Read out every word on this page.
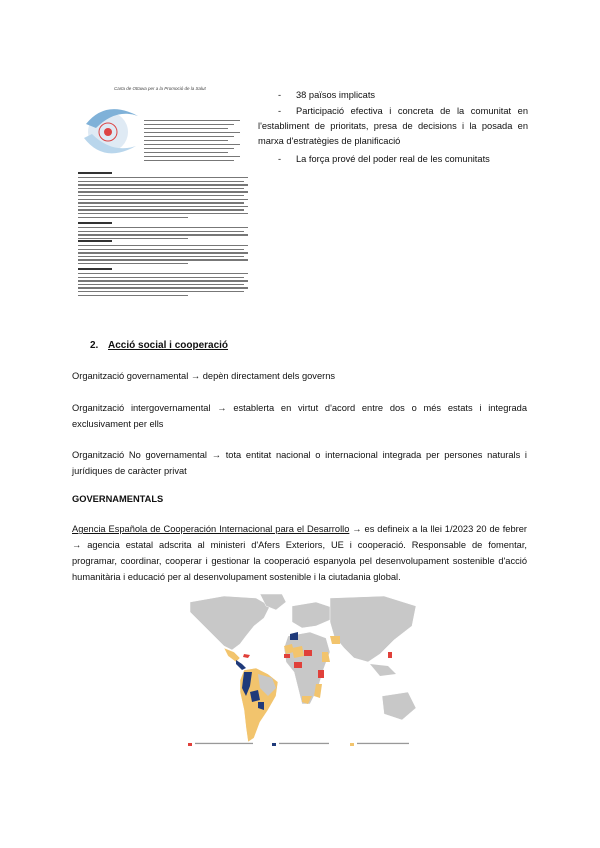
Carta de Ottawa per a la Promoció de la Salut
- 38 països implicats
-	Participació efectiva i concreta de la comunitat en l'establiment de prioritats, presa de decisions i la posada en marxa d'estratègies de planificació
- La força prové del poder real de les comunitats
2. Acció social i cooperació
Organització governamental → depèn directament dels governs
Organització intergovernamental → establerta en virtut d'acord entre dos o més estats i integrada exclusivament per ells
Organització No governamental → tota entitat nacional o internacional integrada per persones naturals i jurídiques de caràcter privat
GOVERNAMENTALS
Agencia Española de Cooperación Internacional para el Desarrollo → es defineix a la llei 1/2023 20 de febrer → agencia estatal adscrita al ministeri d'Afers Exteriors, UE i cooperació. Responsable de fomentar, programar, coordinar, cooperar i gestionar la cooperació espanyola pel desenvolupament sostenible d'acció humanitària i educació per al desenvolupament sostenible i la ciutadania global.
